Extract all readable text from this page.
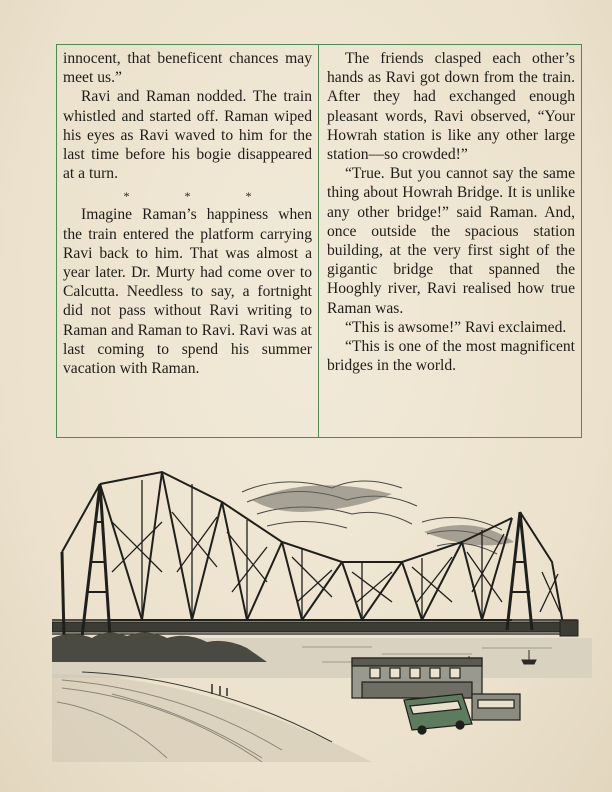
innocent, that beneficent chances may meet us.”

Ravi and Raman nodded. The train whistled and started off. Raman wiped his eyes as Ravi waved to him for the last time before his bogie disappeared at a turn.

* * *

Imagine Raman’s happiness when the train entered the platform carrying Ravi back to him. That was almost a year later. Dr. Murty had come over to Calcutta. Needless to say, a fortnight did not pass without Ravi writing to Raman and Raman to Ravi. Ravi was at last coming to spend his summer vacation with Raman.

The friends clasped each other’s hands as Ravi got down from the train. After they had exchanged enough pleasant words, Ravi observed, “Your Howrah station is like any other large station—so crowded!”

“True. But you cannot say the same thing about Howrah Bridge. It is unlike any other bridge!” said Raman. And, once outside the spacious station building, at the very first sight of the gigantic bridge that spanned the Hooghly river, Ravi realised how true Raman was.

“This is awsome!” Ravi exclaimed.

“This is one of the most magnificent bridges in the world.
